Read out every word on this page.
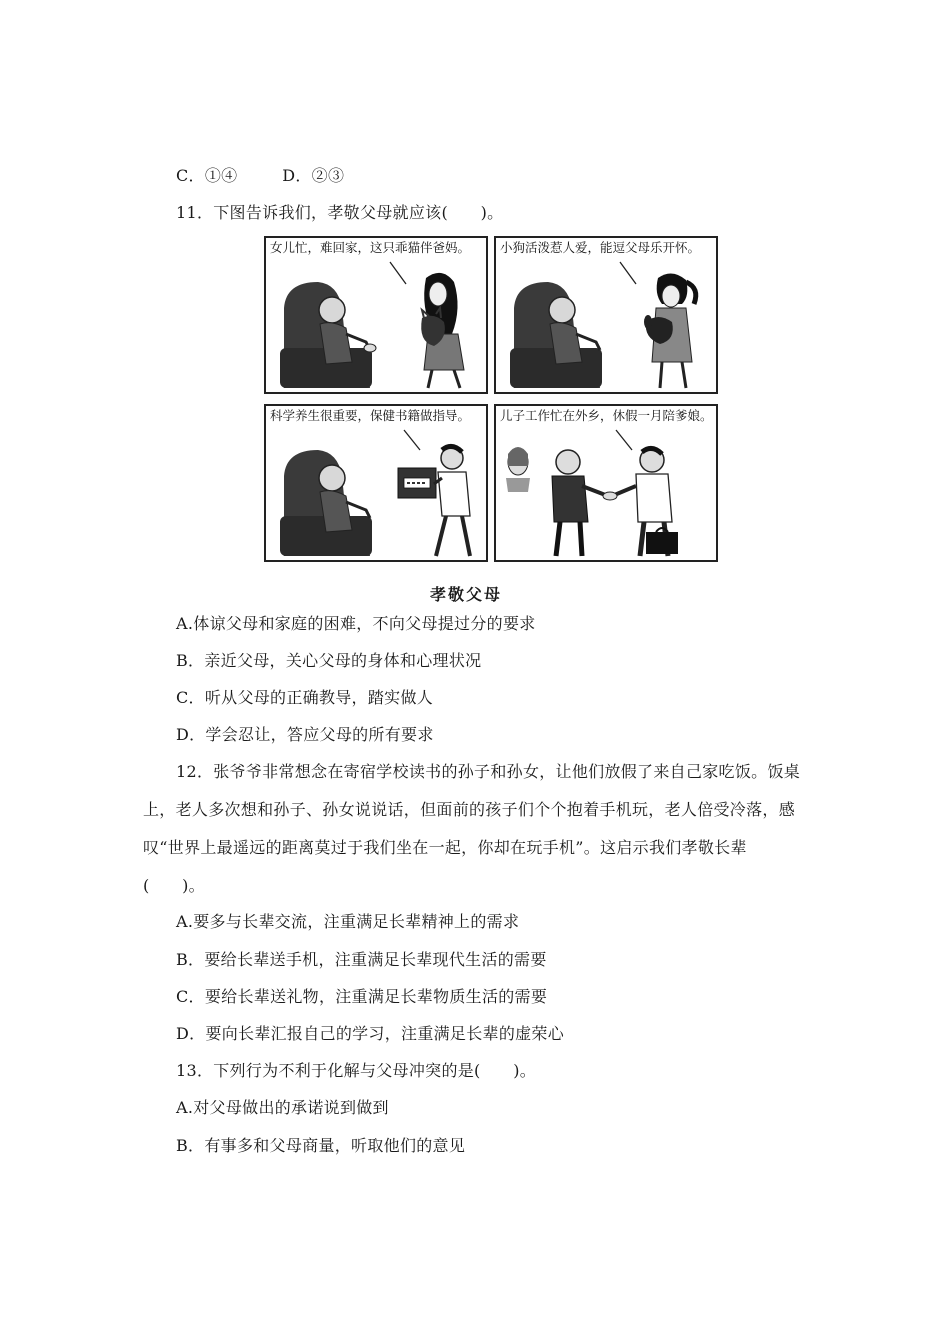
C．①④	D．②③
11．下图告诉我们，孝敬父母就应该(　　)。
女儿忙，难回家，这只乖猫伴爸妈。 小狗活泼惹人爱，能逗父母乐开怀。
科学养生很重要，保健书籍做指导。 儿子工作忙在外乡，休假一月陪爹娘。
孝敬父母
A.体谅父母和家庭的困难，不向父母提过分的要求
B．亲近父母，关心父母的身体和心理状况
C．听从父母的正确教导，踏实做人
D．学会忍让，答应父母的所有要求
12．张爷爷非常想念在寄宿学校读书的孙子和孙女，让他们放假了来自己家吃饭。饭桌
上，老人多次想和孙子、孙女说说话，但面前的孩子们个个抱着手机玩，老人倍受冷落，感
叹“世界上最遥远的距离莫过于我们坐在一起，你却在玩手机”。这启示我们孝敬长辈
(　　)。
A.要多与长辈交流，注重满足长辈精神上的需求
B．要给长辈送手机，注重满足长辈现代生活的需要
C．要给长辈送礼物，注重满足长辈物质生活的需要
D．要向长辈汇报自己的学习，注重满足长辈的虚荣心
13．下列行为不利于化解与父母冲突的是(　　)。
A.对父母做出的承诺说到做到
B．有事多和父母商量，听取他们的意见
